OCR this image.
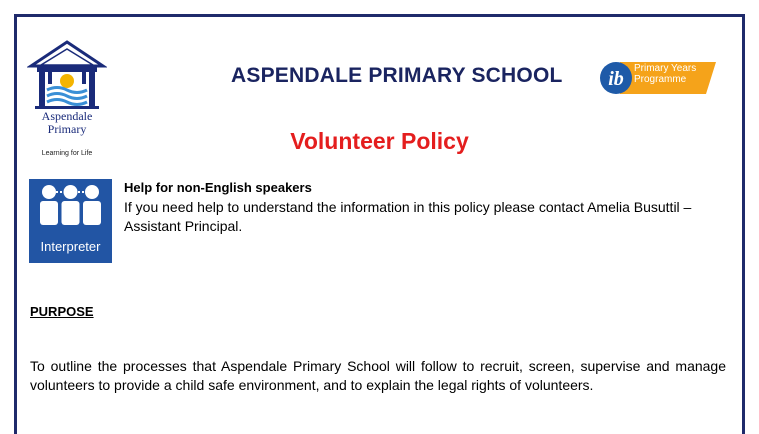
Aspendale
Primary
Learning for Life
ASPENDALE PRIMARY SCHOOL ib Primary Years
Programme
Volunteer Policy
Interpreter
Help for non-English speakers
If you need help to understand the information in this policy please contact Amelia Busuttil – Assistant Principal.
PURPOSE
To outline the processes that Aspendale Primary School will follow to recruit, screen, supervise and manage volunteers to provide a child safe environment, and to explain the legal rights of volunteers.
